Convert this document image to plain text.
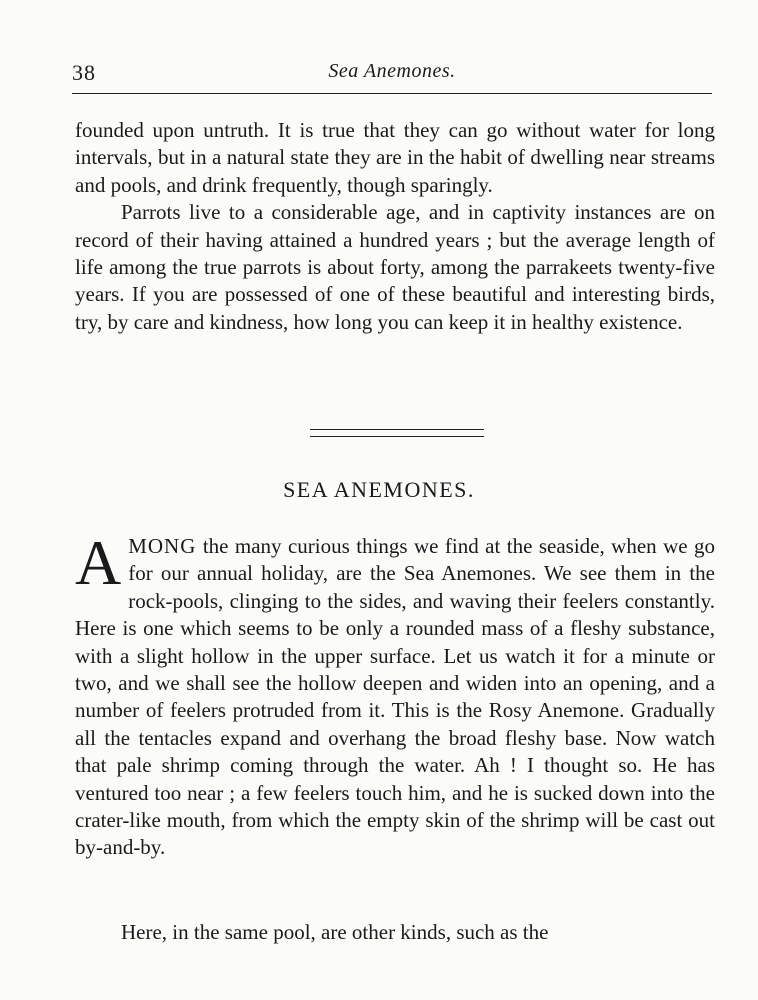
38	Sea Anemones.

founded upon untruth. It is true that they can go without water for long intervals, but in a natural state they are in the habit of dwelling near streams and pools, and drink frequently, though sparingly.

Parrots live to a considerable age, and in captivity instances are on record of their having attained a hundred years ; but the average length of life among the true parrots is about forty, among the parrakeets twenty-five years. If you are possessed of one of these beautiful and interesting birds, try, by care and kindness, how long you can keep it in healthy existence.

SEA ANEMONES.

AMONG the many curious things we find at the seaside, when we go for our annual holiday, are the Sea Anemones. We see them in the rock-pools, clinging to the sides, and waving their feelers constantly. Here is one which seems to be only a rounded mass of a fleshy substance, with a slight hollow in the upper surface. Let us watch it for a minute or two, and we shall see the hollow deepen and widen into an opening, and a number of feelers protruded from it. This is the Rosy Anemone. Gradually all the tentacles expand and overhang the broad fleshy base. Now watch that pale shrimp coming through the water. Ah ! I thought so. He has ventured too near ; a few feelers touch him, and he is sucked down into the crater-like mouth, from which the empty skin of the shrimp will be cast out by-and-by.

Here, in the same pool, are other kinds, such as the
